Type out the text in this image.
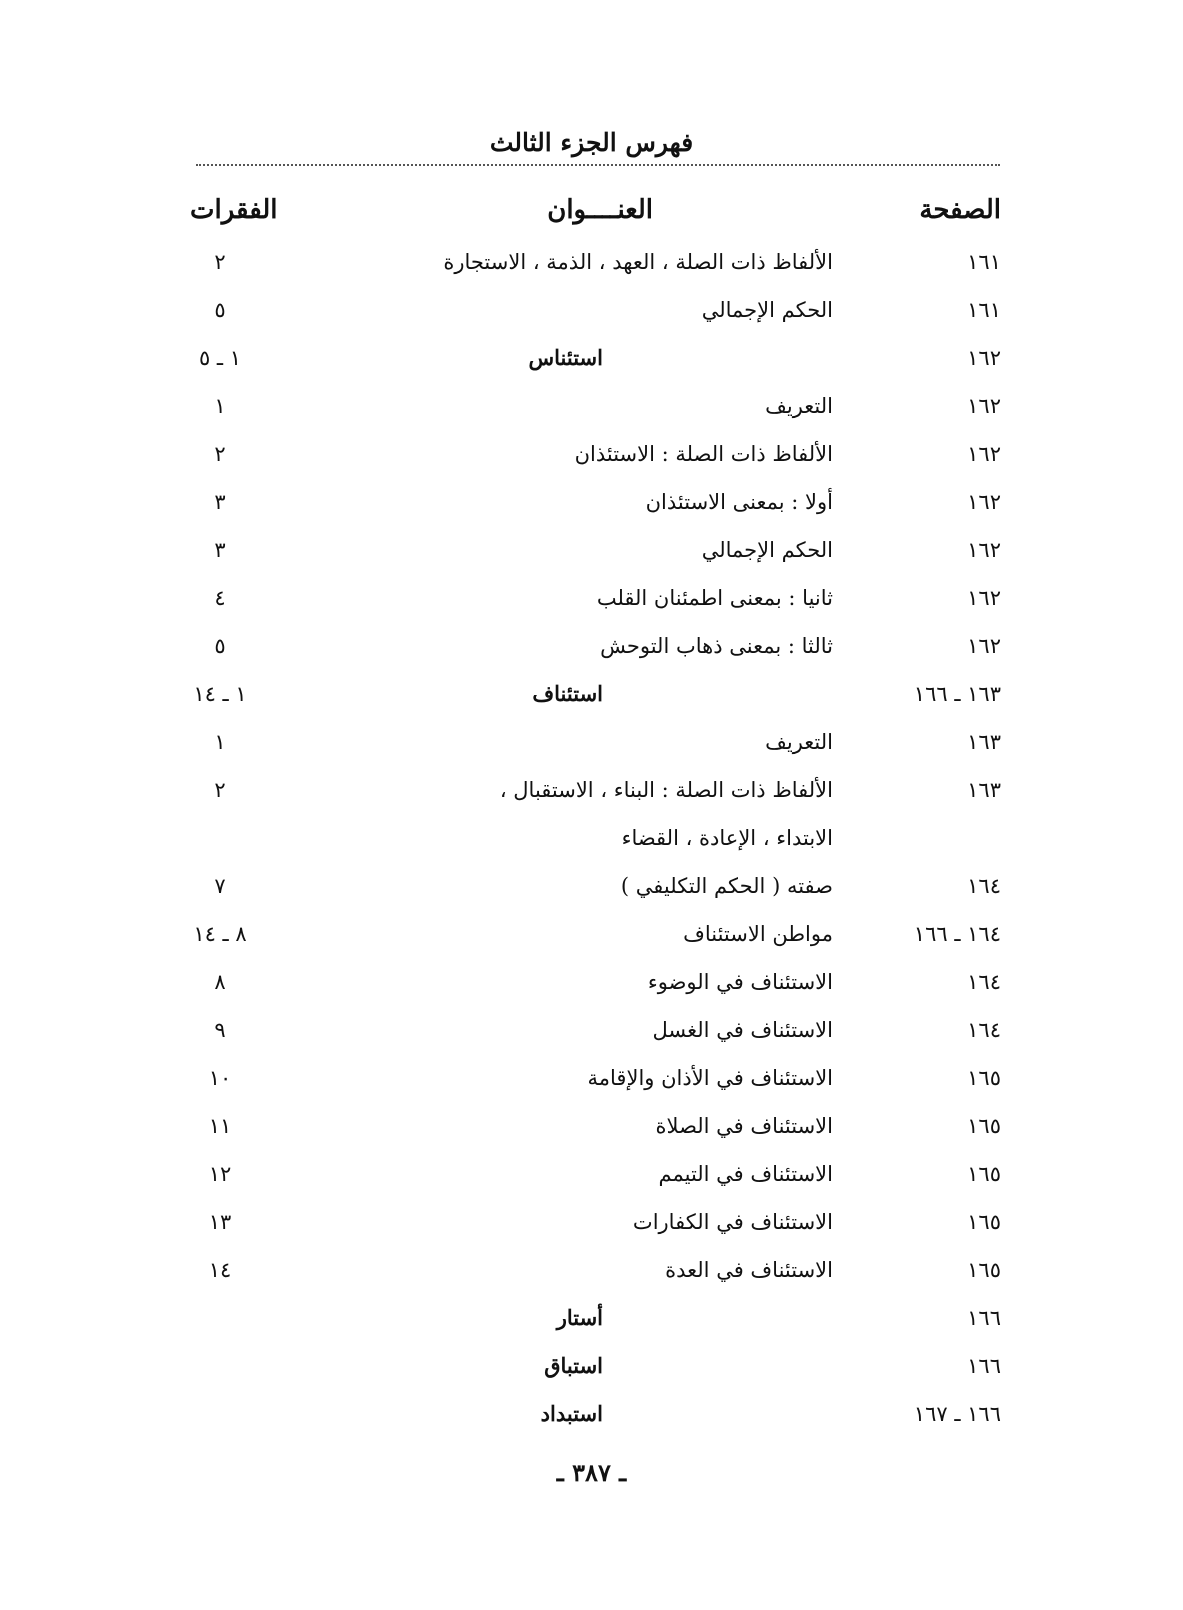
فهرس الجزء الثالث
الصفحة
العنــــوان
الفقرات
١٦١
الألفاظ ذات الصلة ، العهد ، الذمة ، الاستجارة
٢
١٦١
الحكم الإجمالي
٥
١٦٢
استئناس
١ ـ ٥
١٦٢
التعريف
١
١٦٢
الألفاظ ذات الصلة : الاستئذان
٢
١٦٢
أولا : بمعنى الاستئذان
٣
١٦٢
الحكم الإجمالي
٣
١٦٢
ثانيا : بمعنى اطمئنان القلب
٤
١٦٢
ثالثا : بمعنى ذهاب التوحش
٥
١٦٣ ـ ١٦٦
استئناف
١ ـ ١٤
١٦٣
التعريف
١
١٦٣
الألفاظ ذات الصلة : البناء ، الاستقبال ،
٢
الابتداء ، الإعادة ، القضاء
١٦٤
صفته ( الحكم التكليفي )
٧
١٦٤ ـ ١٦٦
مواطن الاستئناف
٨ ـ ١٤
١٦٤
الاستئناف في الوضوء
٨
١٦٤
الاستئناف في الغسل
٩
١٦٥
الاستئناف في الأذان والإقامة
١٠
١٦٥
الاستئناف في الصلاة
١١
١٦٥
الاستئناف في التيمم
١٢
١٦٥
الاستئناف في الكفارات
١٣
١٦٥
الاستئناف في العدة
١٤
١٦٦
أستار
١٦٦
استباق
١٦٦ ـ ١٦٧
استبداد
ـ ٣٨٧ ـ
